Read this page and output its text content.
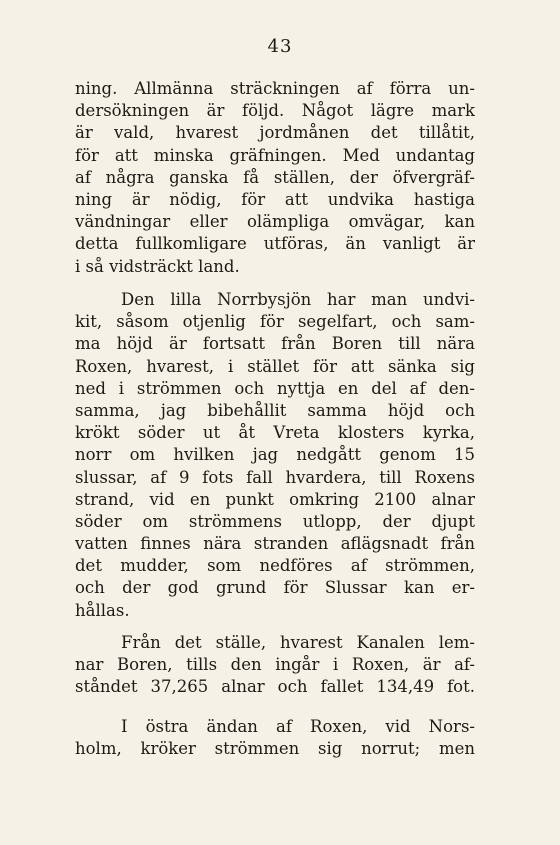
43
ning. Allmänna sträckningen af förra un-
dersökningen är följd. Något lägre mark
är vald, hvarest jordmånen det tillåtit,
för att minska gräfningen. Med undantag
af några ganska få ställen, der öfvergräf-
ning är nödig, för att undvika hastiga
vändningar eller olämpliga omvägar, kan
detta fullkomligare utföras, än vanligt är
i så vidsträckt land.
Den lilla Norrbysjön har man undvi-
kit, såsom otjenlig för segelfart, och sam-
ma höjd är fortsatt från Boren till nära
Roxen, hvarest, i stället för att sänka sig
ned i strömmen och nyttja en del af den-
samma, jag bibehållit samma höjd och
krökt söder ut åt Vreta klosters kyrka,
norr om hvilken jag nedgått genom 15
slussar, af 9 fots fall hvardera, till Roxens
strand, vid en punkt omkring 2100 alnar
söder om strömmens utlopp, der djupt
vatten finnes nära stranden aflägsnadt från
det mudder, som nedföres af strömmen,
och der god grund för Slussar kan er-
hållas.
Från det ställe, hvarest Kanalen lem-
nar Boren, tills den ingår i Roxen, är af-
ståndet 37,265 alnar och fallet 134,49 fot.
I östra ändan af Roxen, vid Nors-
holm, kröker strömmen sig norrut; men
